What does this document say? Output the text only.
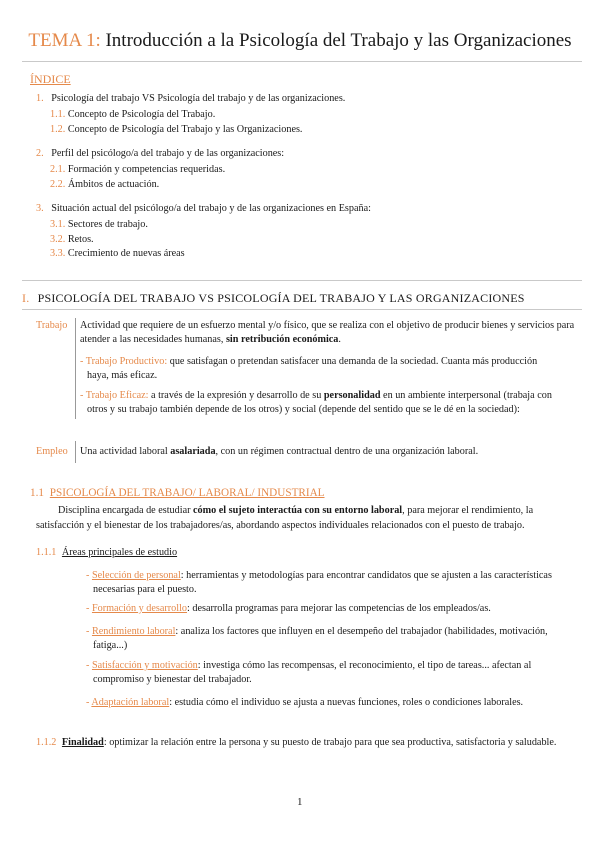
TEMA 1: Introducción a la Psicología del Trabajo y las Organizaciones
ÍNDICE
1. Psicología del trabajo VS Psicología del trabajo y de las organizaciones.
1.1. Concepto de Psicología del Trabajo.
1.2. Concepto de Psicología del Trabajo y las Organizaciones.
2. Perfil del psicólogo/a del trabajo y de las organizaciones:
2.1. Formación y competencias requeridas.
2.2. Ámbitos de actuación.
3. Situación actual del psicólogo/a del trabajo y de las organizaciones en España:
3.1. Sectores de trabajo.
3.2. Retos.
3.3. Crecimiento de nuevas áreas
I. PSICOLOGÍA DEL TRABAJO VS PSICOLOGÍA DEL TRABAJO Y LAS ORGANIZACIONES
Trabajo Actividad que requiere de un esfuerzo mental y/o físico, que se realiza con el objetivo de producir bienes y servicios para
atender a las necesidades humanas, sin retribución económica.
- Trabajo Productivo: que satisfagan o pretendan satisfacer una demanda de la sociedad. Cuanta más producción
haya, más eficaz.
- Trabajo Eficaz: a través de la expresión y desarrollo de su personalidad en un ambiente interpersonal (trabaja con
otros y su trabajo también depende de los otros) y social (depende del sentido que se le dé en la sociedad):
Empleo Una actividad laboral asalariada, con un régimen contractual dentro de una organización laboral.
1.1 PSICOLOGÍA DEL TRABAJO/ LABORAL/ INDUSTRIAL
Disciplina encargada de estudiar cómo el sujeto interactúa con su entorno laboral, para mejorar el rendimiento, la
satisfacción y el bienestar de los trabajadores/as, abordando aspectos individuales relacionados con el puesto de trabajo.
1.1.1 Áreas principales de estudio
- Selección de personal: herramientas y metodologías para encontrar candidatos que se ajusten a las características
necesarias para el puesto.
- Formación y desarrollo: desarrolla programas para mejorar las competencias de los empleados/as.
- Rendimiento laboral: analiza los factores que influyen en el desempeño del trabajador (habilidades, motivación,
fatiga...)
- Satisfacción y motivación: investiga cómo las recompensas, el reconocimiento, el tipo de tareas... afectan al
compromiso y bienestar del trabajador.
- Adaptación laboral: estudia cómo el individuo se ajusta a nuevas funciones, roles o condiciones laborales.
1.1.2 Finalidad: optimizar la relación entre la persona y su puesto de trabajo para que sea productiva, satisfactoria y saludable.
1
